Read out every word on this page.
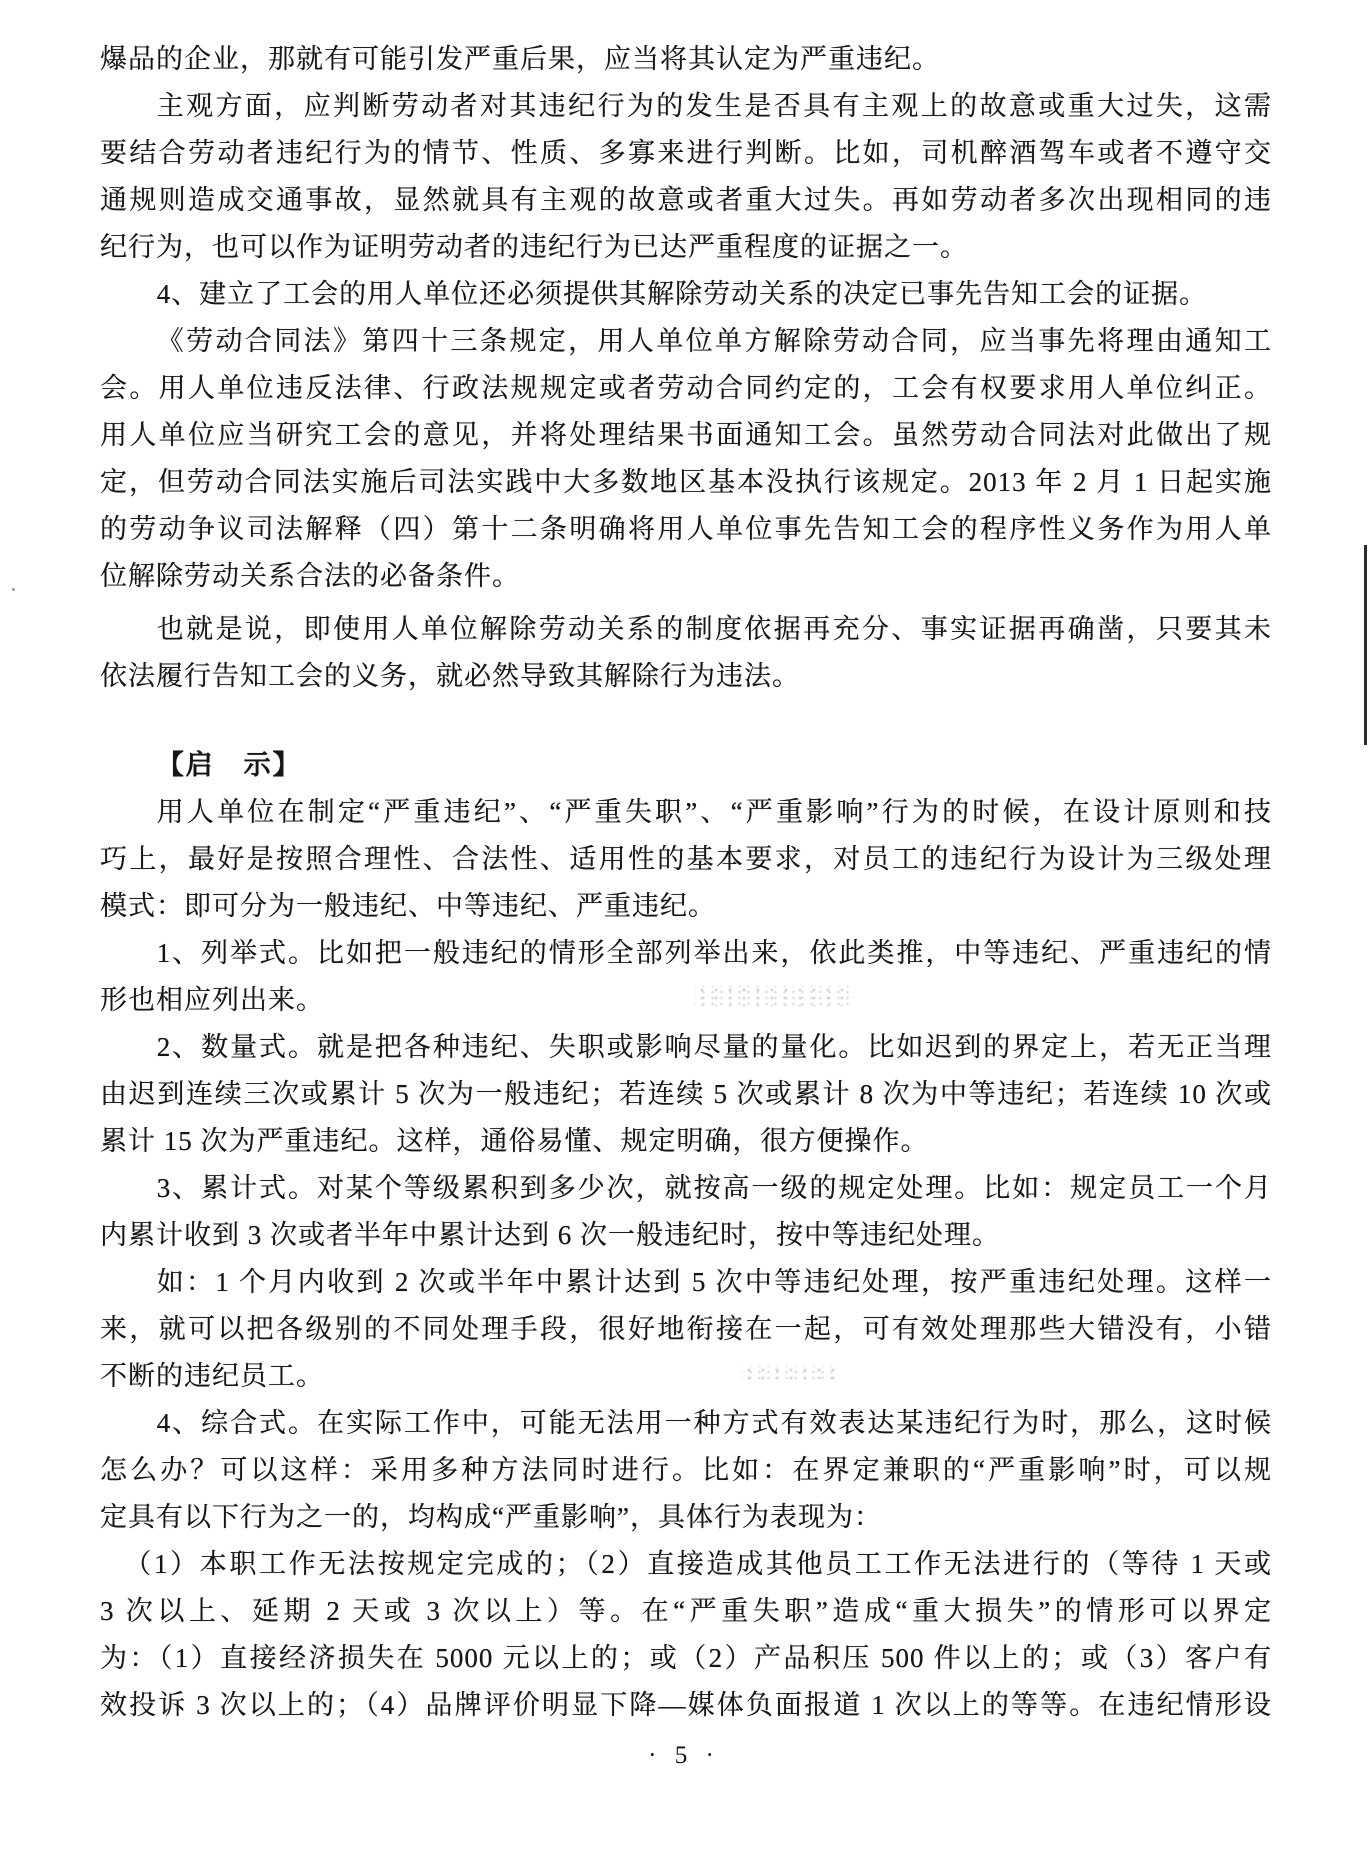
爆品的企业，那就有可能引发严重后果，应当将其认定为严重违纪。
主观方面，应判断劳动者对其违纪行为的发生是否具有主观上的故意或重大过失，这需
要结合劳动者违纪行为的情节、性质、多寡来进行判断。比如，司机醉酒驾车或者不遵守交
通规则造成交通事故，显然就具有主观的故意或者重大过失。再如劳动者多次出现相同的违
纪行为，也可以作为证明劳动者的违纪行为已达严重程度的证据之一。
4、建立了工会的用人单位还必须提供其解除劳动关系的决定已事先告知工会的证据。
《劳动合同法》第四十三条规定，用人单位单方解除劳动合同，应当事先将理由通知工
会。用人单位违反法律、行政法规规定或者劳动合同约定的，工会有权要求用人单位纠正。
用人单位应当研究工会的意见，并将处理结果书面通知工会。虽然劳动合同法对此做出了规
定，但劳动合同法实施后司法实践中大多数地区基本没执行该规定。2013 年 2 月 1 日起实施
的劳动争议司法解释（四）第十二条明确将用人单位事先告知工会的程序性义务作为用人单
位解除劳动关系合法的必备条件。
也就是说，即使用人单位解除劳动关系的制度依据再充分、事实证据再确凿，只要其未
依法履行告知工会的义务，就必然导致其解除行为违法。
【启　示】
用人单位在制定“严重违纪”、“严重失职”、“严重影响”行为的时候，在设计原则和技
巧上，最好是按照合理性、合法性、适用性的基本要求，对员工的违纪行为设计为三级处理
模式：即可分为一般违纪、中等违纪、严重违纪。
1、列举式。比如把一般违纪的情形全部列举出来，依此类推，中等违纪、严重违纪的情
形也相应列出来。
2、数量式。就是把各种违纪、失职或影响尽量的量化。比如迟到的界定上，若无正当理
由迟到连续三次或累计 5 次为一般违纪；若连续 5 次或累计 8 次为中等违纪；若连续 10 次或
累计 15 次为严重违纪。这样，通俗易懂、规定明确，很方便操作。
3、累计式。对某个等级累积到多少次，就按高一级的规定处理。比如：规定员工一个月
内累计收到 3 次或者半年中累计达到 6 次一般违纪时，按中等违纪处理。
如：1 个月内收到 2 次或半年中累计达到 5 次中等违纪处理，按严重违纪处理。这样一
来，就可以把各级别的不同处理手段，很好地衔接在一起，可有效处理那些大错没有，小错
不断的违纪员工。
4、综合式。在实际工作中，可能无法用一种方式有效表达某违纪行为时，那么，这时候
怎么办？可以这样：采用多种方法同时进行。比如：在界定兼职的“严重影响”时，可以规
定具有以下行为之一的，均构成“严重影响”，具体行为表现为：
（1）本职工作无法按规定完成的；（2）直接造成其他员工工作无法进行的（等待 1 天或
3 次以上、延期 2 天或 3 次以上）等。在“严重失职”造成“重大损失”的情形可以界定
为：（1）直接经济损失在 5000 元以上的；或（2）产品积压 500 件以上的；或（3）客户有
效投诉 3 次以上的；（4）品牌评价明显下降—媒体负面报道 1 次以上的等等。在违纪情形设
· 5 ·
